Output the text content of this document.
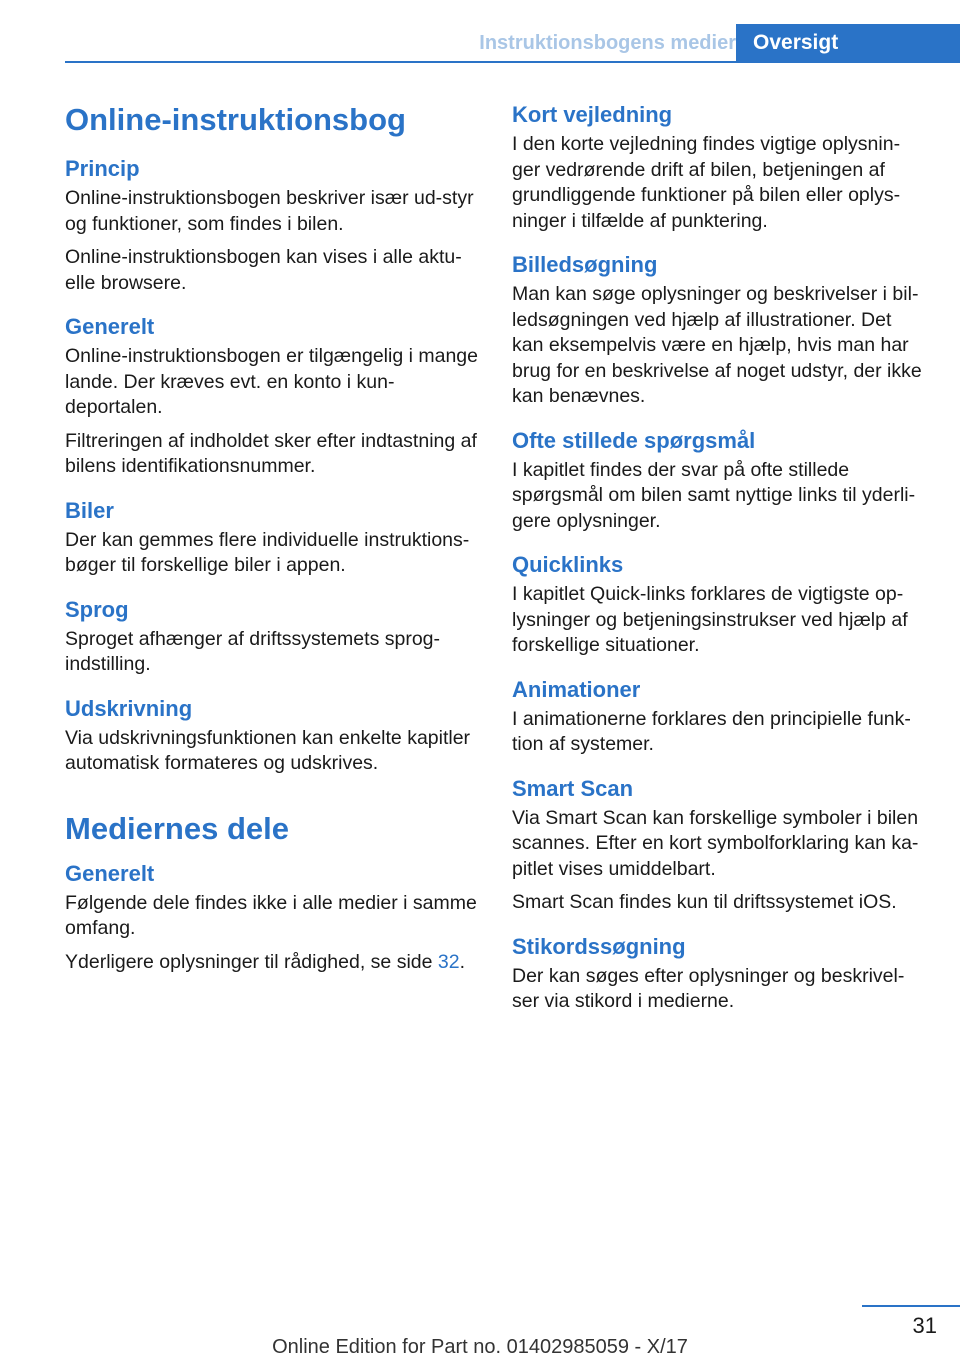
Instruktionsbogens medier Oversigt
Online-instruktionsbog
Princip

Online-instruktionsbogen beskriver især ud-styr og funktioner, som findes i bilen.

Online-instruktionsbogen kan vises i alle aktu-elle browsere.

Generelt

Online-instruktionsbogen er tilgængelig i mange lande. Der kræves evt. en konto i kun-deportalen.

Filtreringen af indholdet sker efter indtastning af bilens identifikationsnummer.

Biler

Der kan gemmes flere individuelle instruktions-bøger til forskellige biler i appen.

Sprog

Sproget afhænger af driftssystemets sprog-indstilling.

Udskrivning

Via udskrivningsfunktionen kan enkelte kapitler automatisk formateres og udskrives.

Mediernes dele
Generelt

Følgende dele findes ikke i alle medier i samme omfang.

Yderligere oplysninger til rådighed, se side 32.

Kort vejledning

I den korte vejledning findes vigtige oplysnin-ger vedrørende drift af bilen, betjeningen af grundliggende funktioner på bilen eller oplys-ninger i tilfælde af punktering.

Billedsøgning

Man kan søge oplysninger og beskrivelser i bil-ledsøgningen ved hjælp af illustrationer. Det kan eksempelvis være en hjælp, hvis man har brug for en beskrivelse af noget udstyr, der ikke kan benævnes.

Ofte stillede spørgsmål

I kapitlet findes der svar på ofte stillede spørgsmål om bilen samt nyttige links til yderli-gere oplysninger.

Quicklinks

I kapitlet Quick-links forklares de vigtigste op-lysninger og betjeningsinstrukser ved hjælp af forskellige situationer.

Animationer

I animationerne forklares den principielle funk-tion af systemer.

Smart Scan

Via Smart Scan kan forskellige symboler i bilen scannes. Efter en kort symbolforklaring kan ka-pitlet vises umiddelbart.

Smart Scan findes kun til driftssystemet iOS.

Stikordssøgning

Der kan søges efter oplysninger og beskrivel-ser via stikord i medierne.

31
Online Edition for Part no. 01402985059 - X/17
